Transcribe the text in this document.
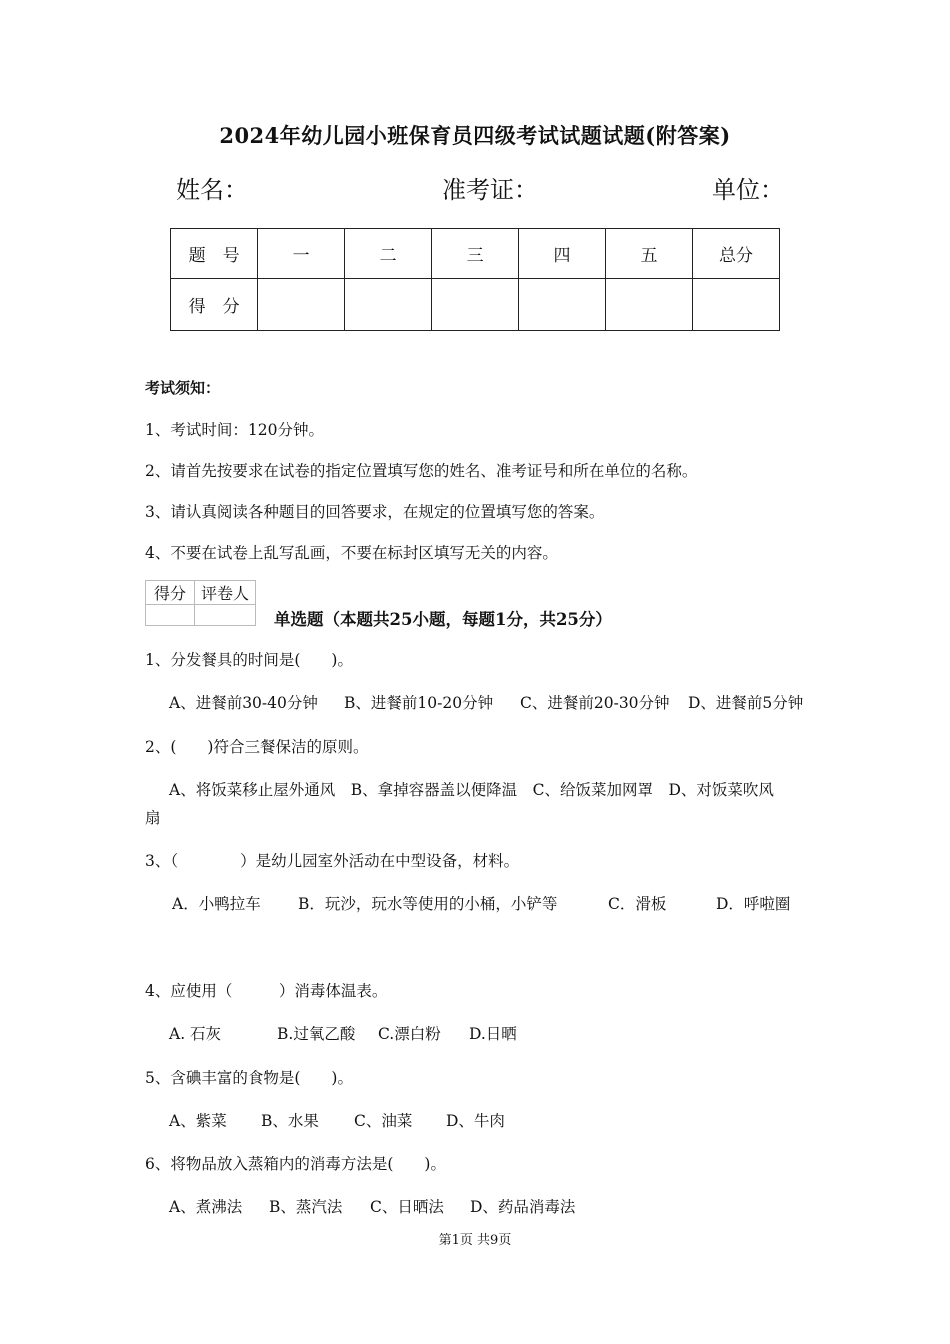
2024年幼儿园小班保育员四级考试试题试题(附答案)
姓名：	准考证：	单位：
题　号	一	二	三	四	五	总分
得　分						
考试须知：
1、考试时间：120分钟。
2、请首先按要求在试卷的指定位置填写您的姓名、准考证号和所在单位的名称。
3、请认真阅读各种题目的回答要求，在规定的位置填写您的答案。
4、不要在试卷上乱写乱画，不要在标封区填写无关的内容。
得分	评卷人

单选题（本题共25小题，每题1分，共25分）
1、分发餐具的时间是(　　)。
A、进餐前30-40分钟 B、进餐前10-20分钟 C、进餐前20-30分钟 D、进餐前5分钟
2、(　　)符合三餐保洁的原则。
A、将饭菜移止屋外通风　B、拿掉容器盖以便降温　C、给饭菜加网罩　D、对饭菜吹风
扇
3、（　　　　）是幼儿园室外活动在中型设备，材料。
A．小鸭拉车 B．玩沙，玩水等使用的小桶，小铲等	C．滑板	D．呼啦圈
4、应使用（　　　）消毒体温表。
A. 石灰	B.过氧乙酸 C.漂白粉 D.日晒
5、含碘丰富的食物是(　　)。
A、紫菜 B、水果 C、油菜 D、牛肉
6、将物品放入蒸箱内的消毒方法是(　　)。
A、煮沸法 B、蒸汽法 C、日晒法 D、药品消毒法
第1页 共9页
